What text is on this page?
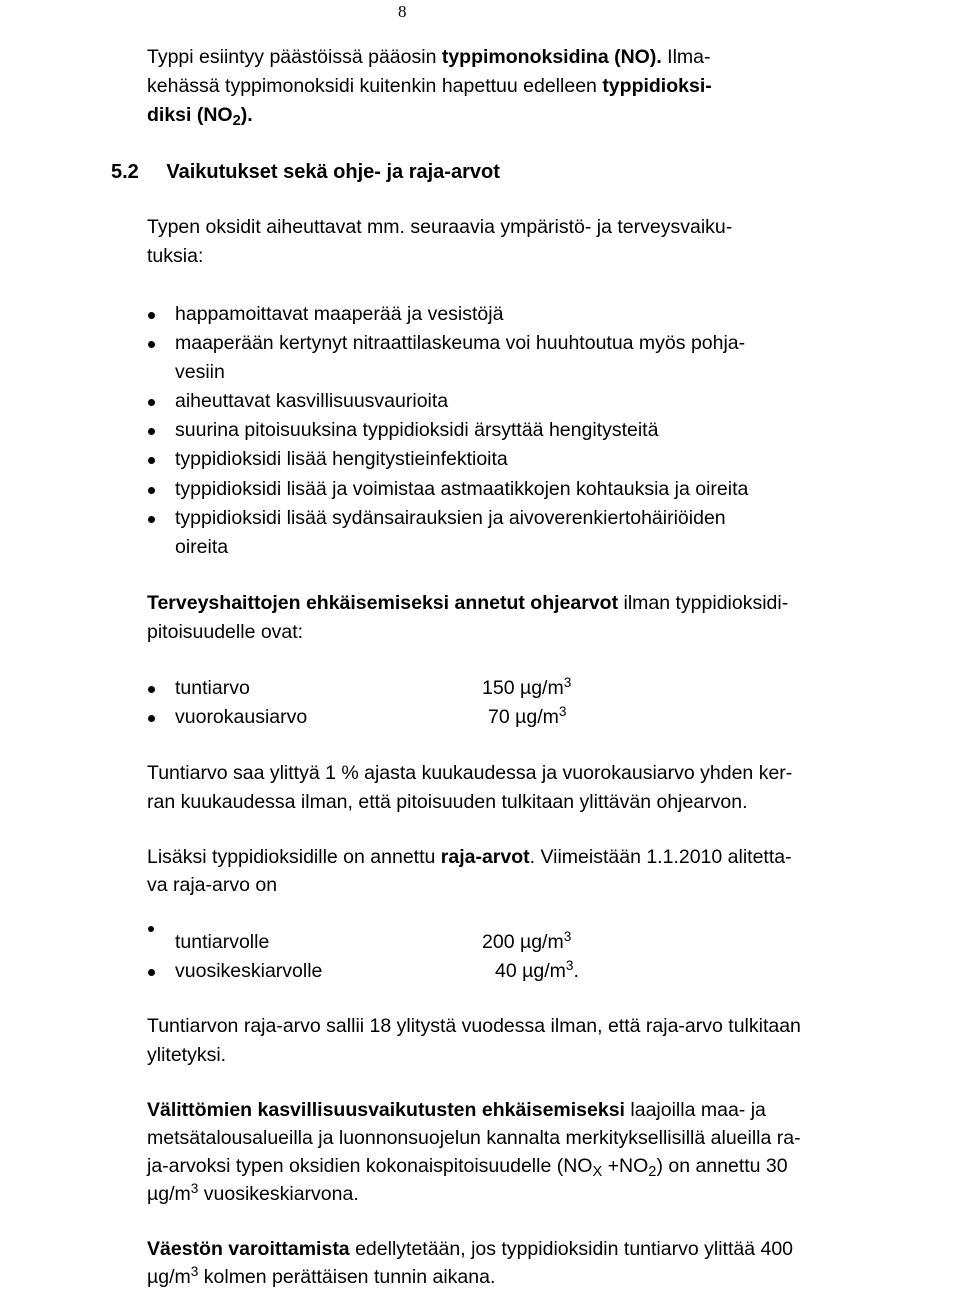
8
Typpi esiintyy päästöissä pääosin typpimonoksidina (NO). Ilma-
kehässä typpimonoksidi kuitenkin hapettuu edelleen typpidioksi-
diksi $(NO_2)$.
5.2 Vaikutukset sekä ohje- ja raja-arvot
Typen oksidit aiheuttavat mm. seuraavia ympäristö- ja terveysvaiku-
tuksia:
happamoittavat maaperää ja vesistöjä
maaperään kertynyt nitraattilaskeuma voi huuhtoutua myös pohja-
vesiin
aiheuttavat kasvillisuusvaurioita
suurina pitoisuuksina typpidioksidi ärsyttää hengitysteitä
typpidioksidi lisää hengitystieinfektioita
typpidioksidi lisää ja voimistaa astmaatikkojen kohtauksia ja oireita
typpidioksidi lisää sydänsairauksien ja aivoverenkiertohäiriöiden
oireita
Terveyshaittojen ehkäisemiseksi annetut ohjearvot ilman typpidioksidi-
pitoisuudelle ovat:
tuntiarvo	150 $\mu g/m^3$
vuorokausiarvo	70 $\mu g/m^3$
Tuntiarvo saa ylittyä 1 % ajasta kuukaudessa ja vuorokausiarvo yhden ker-
ran kuukaudessa ilman, että pitoisuuden tulkitaan ylittävän ohjearvon.
Lisäksi typpidioksidille on annettu raja-arvot. Viimeistään 1.1.2010 alitetta-
va raja-arvo on
tuntiarvolle	200 $\mu g/m^3$
vuosikeskiarvolle	40 $\mu g/m^3$.
Tuntiarvon raja-arvo sallii 18 ylitystä vuodessa ilman, että raja-arvo tulkitaan
ylitetyksi.
Välittömien kasvillisuusvaikutusten ehkäisemiseksi laajoilla maa- ja
metsätalousalueilla ja luonnonsuojelun kannalta merkityksellisillä alueilla ra-
ja-arvoksi typen oksidien kokonaispitoisuudelle $(NO_X +NO_2)$ on annettu 30
$\mu g/m^3$ vuosikeskiarvona.
Väestön varoittamista edellytetään, jos typpidioksidin tuntiarvo ylittää 400
$\mu g/m^3$ kolmen perättäisen tunnin aikana.
